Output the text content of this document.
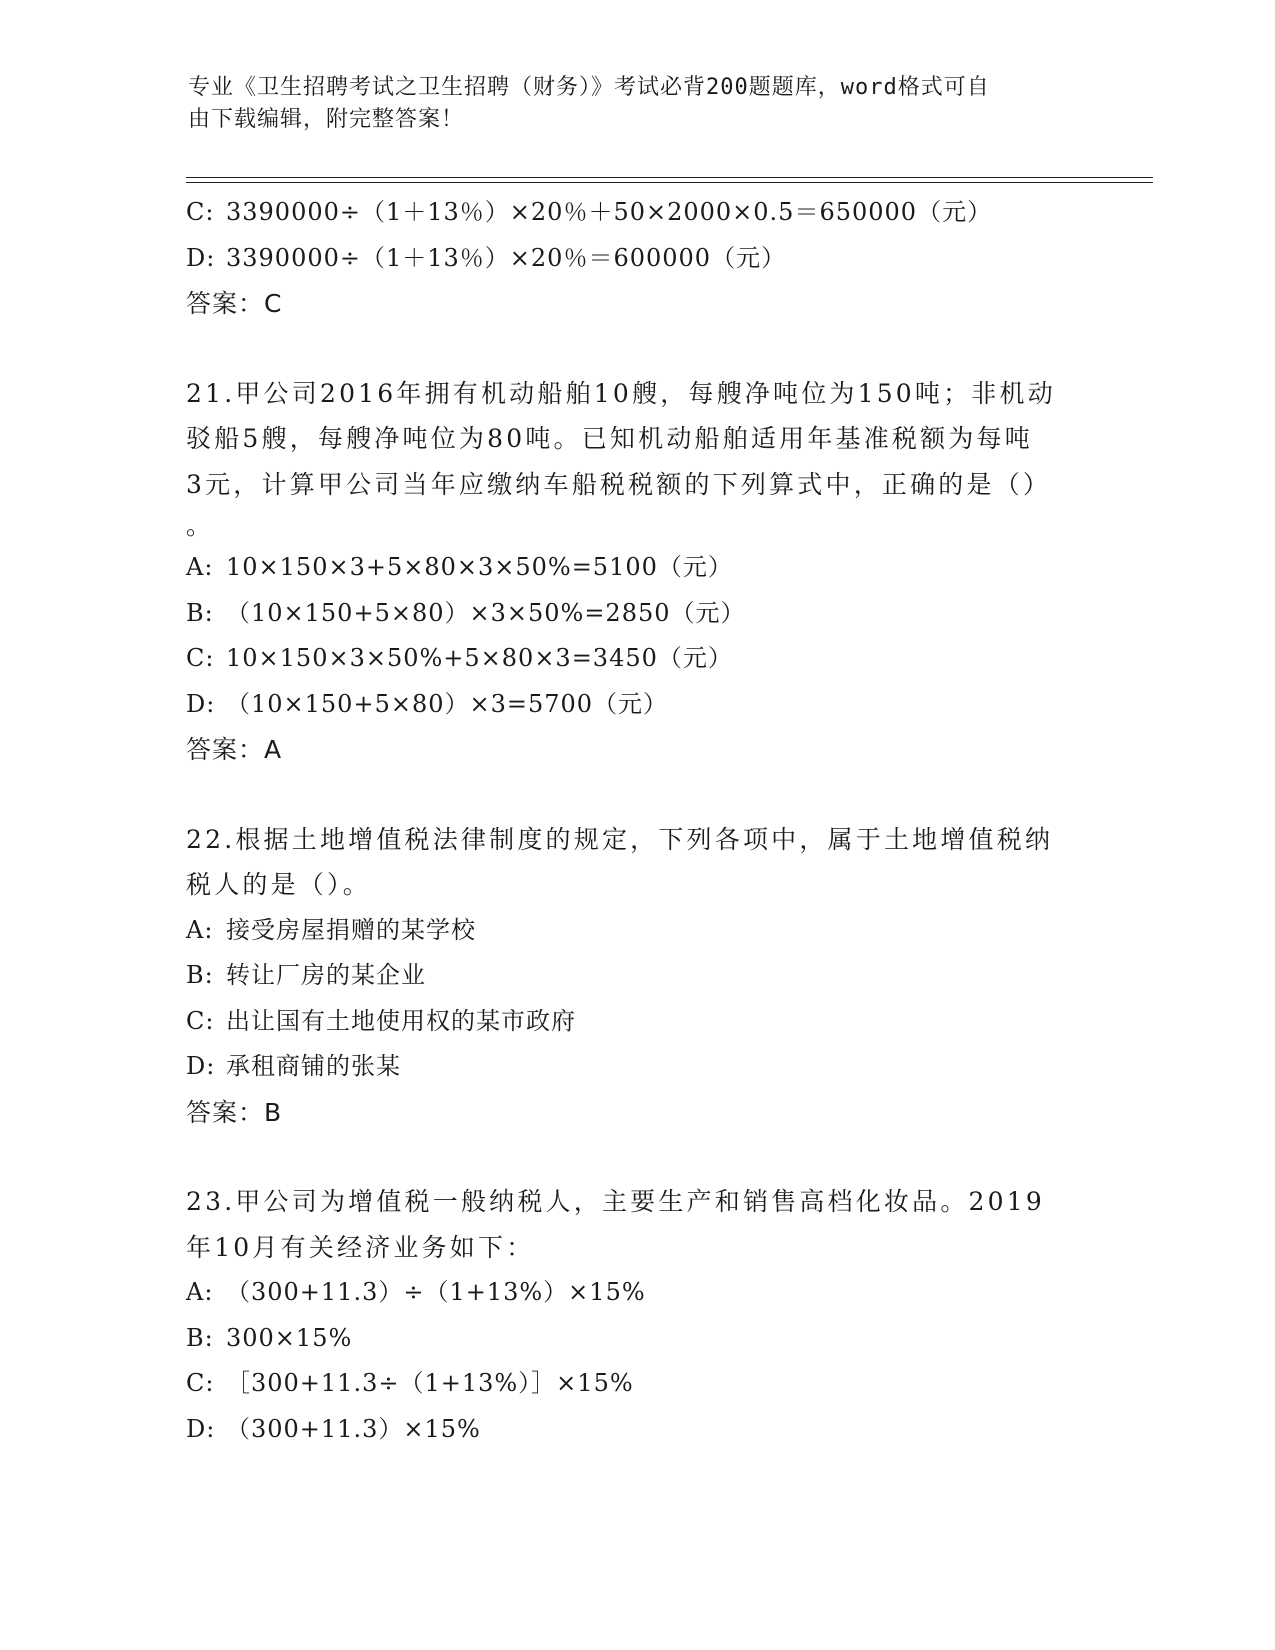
专业《卫生招聘考试之卫生招聘（财务）》考试必背200题题库，word格式可自
由下载编辑，附完整答案！
C: 3390000÷（1＋13％）×20％＋50×2000×0.5＝650000（元）
D: 3390000÷（1＋13％）×20％＝600000（元）
答案：C
21.甲公司2016年拥有机动船舶10艘，每艘净吨位为150吨；非机动
驳船5艘，每艘净吨位为80吨。已知机动船舶适用年基准税额为每吨
3元，计算甲公司当年应缴纳车船税税额的下列算式中，正确的是（）
。
A: 10×150×3+5×80×3×50%=5100（元）
B: （10×150+5×80）×3×50%=2850（元）
C: 10×150×3×50%+5×80×3=3450（元）
D: （10×150+5×80）×3=5700（元）
答案：A
22.根据土地增值税法律制度的规定，下列各项中，属于土地增值税纳
税人的是（）。
A: 接受房屋捐赠的某学校
B: 转让厂房的某企业
C: 出让国有土地使用权的某市政府
D: 承租商铺的张某
答案：B
23.甲公司为增值税一般纳税人，主要生产和销售高档化妆品。2019
年10月有关经济业务如下：
A: （300+11.3）÷（1+13%）×15%
B: 300×15%
C: ［300+11.3÷（1+13%）］×15%
D: （300+11.3）×15%
